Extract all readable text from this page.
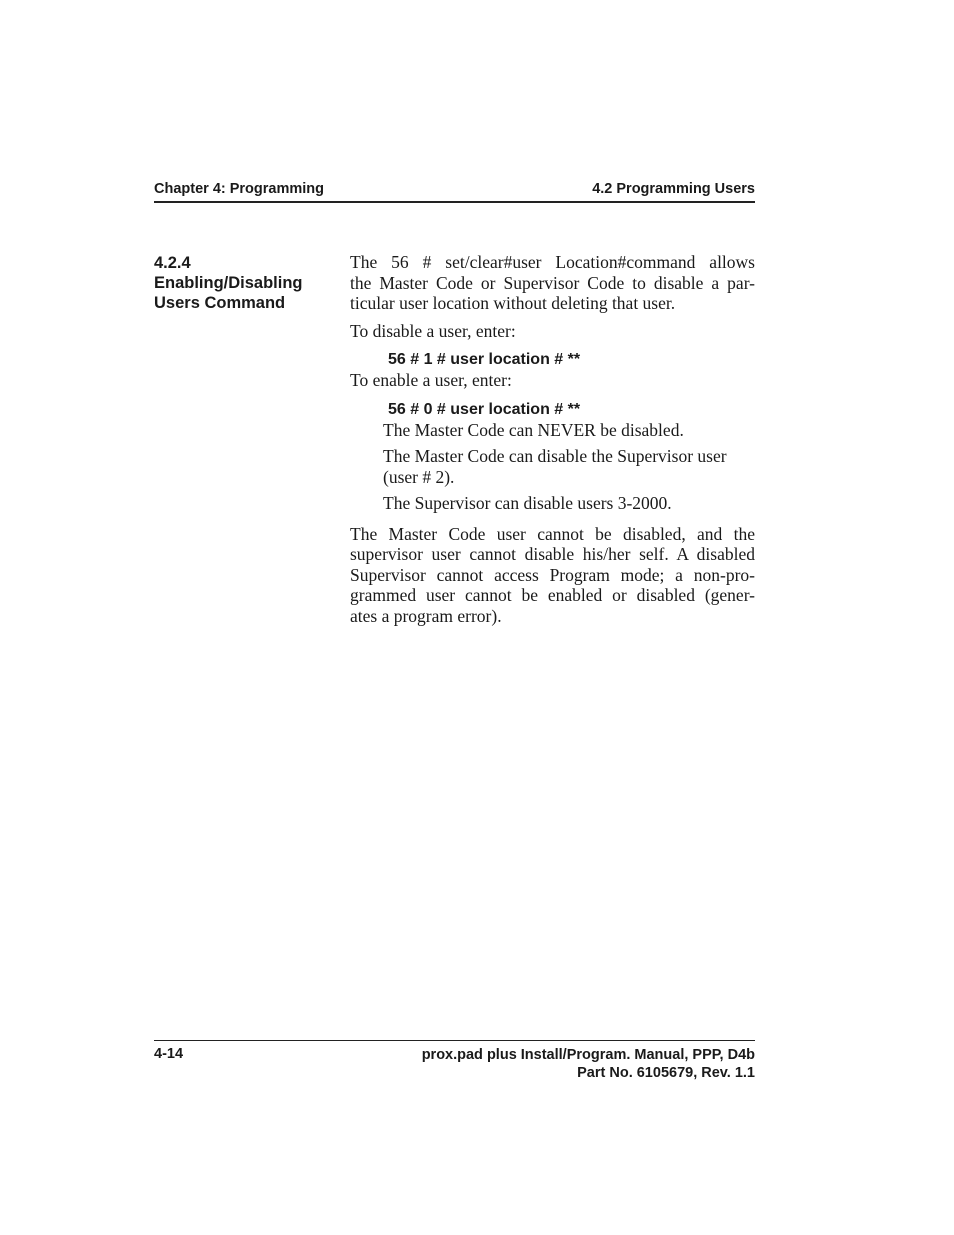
Chapter 4: Programming	4.2 Programming Users
4.2.4
Enabling/Disabling
Users Command
The 56 # set/clear#user Location#command allows
the Master Code or Supervisor Code to disable a par-
ticular user location without deleting that user.
To disable a user, enter:
56 # 1 # user location # **
To enable a user, enter:
56 # 0 # user location # **
The Master Code can NEVER be disabled.
The Master Code can disable the Supervisor user
(user # 2).
The Supervisor can disable users 3-2000.
The Master Code user cannot be disabled, and the
supervisor user cannot disable his/her self. A disabled
Supervisor cannot access Program mode; a non-pro-
grammed user cannot be enabled or disabled (gener-
ates a program error).
4-14	prox.pad plus Install/Program. Manual, PPP, D4b
Part No. 6105679, Rev. 1.1
